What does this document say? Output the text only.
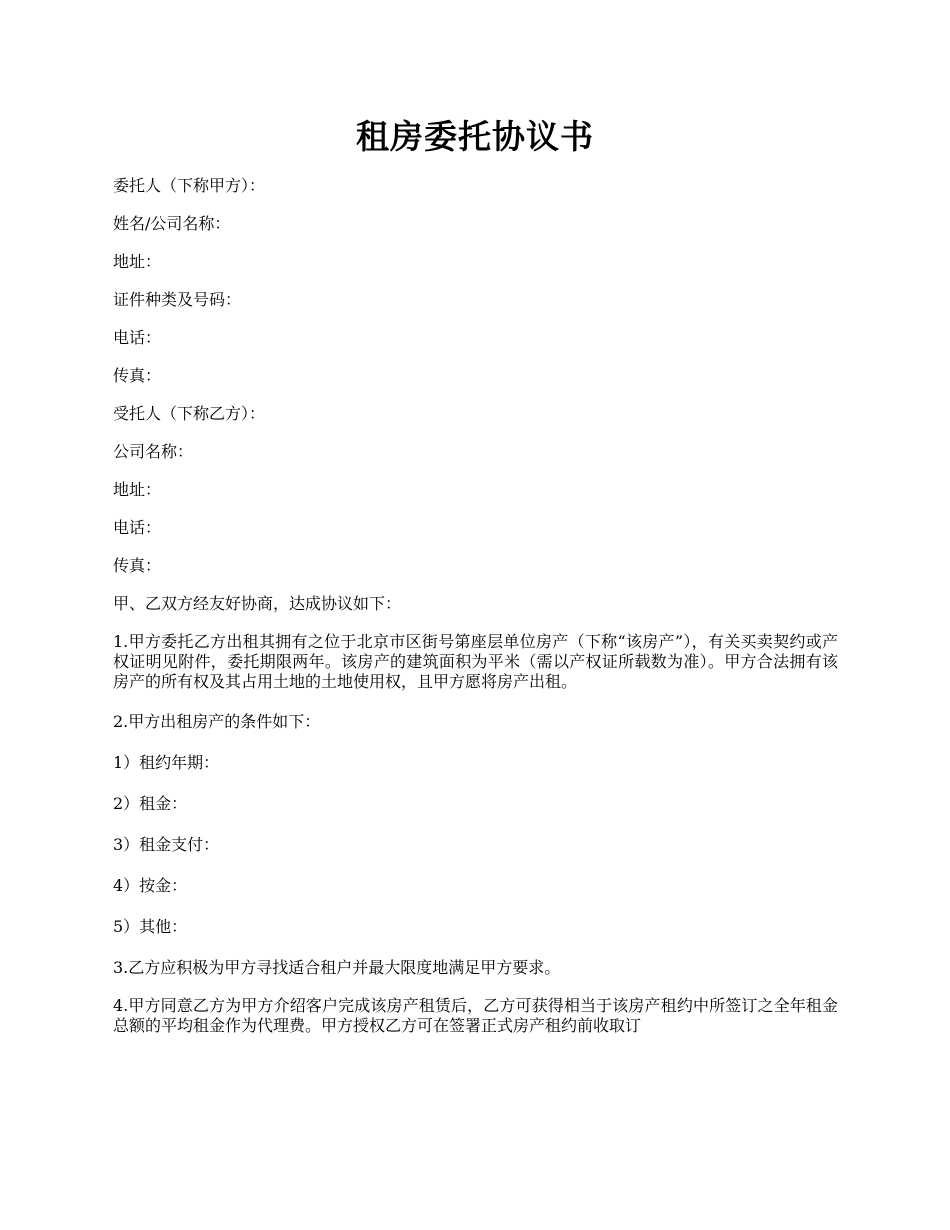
租房委托协议书

委托人（下称甲方）：

姓名/公司名称：

地址：

证件种类及号码：

电话：

传真：

受托人（下称乙方）：

公司名称：

地址：

电话：

传真：

甲、乙双方经友好协商，达成协议如下：

1.甲方委托乙方出租其拥有之位于北京市区街号第座层单位房产（下称“该房产”），有关买卖契约或产权证明见附件，委托期限两年。该房产的建筑面积为平米（需以产权证所载数为准）。甲方合法拥有该房产的所有权及其占用土地的土地使用权，且甲方愿将房产出租。

2.甲方出租房产的条件如下：

1）租约年期：

2）租金：

3）租金支付：

4）按金：

5）其他：

3.乙方应积极为甲方寻找适合租户并最大限度地满足甲方要求。

4.甲方同意乙方为甲方介绍客户完成该房产租赁后，乙方可获得相当于该房产租约中所签订之全年租金总额的平均租金作为代理费。甲方授权乙方可在签署正式房产租约前收取订
